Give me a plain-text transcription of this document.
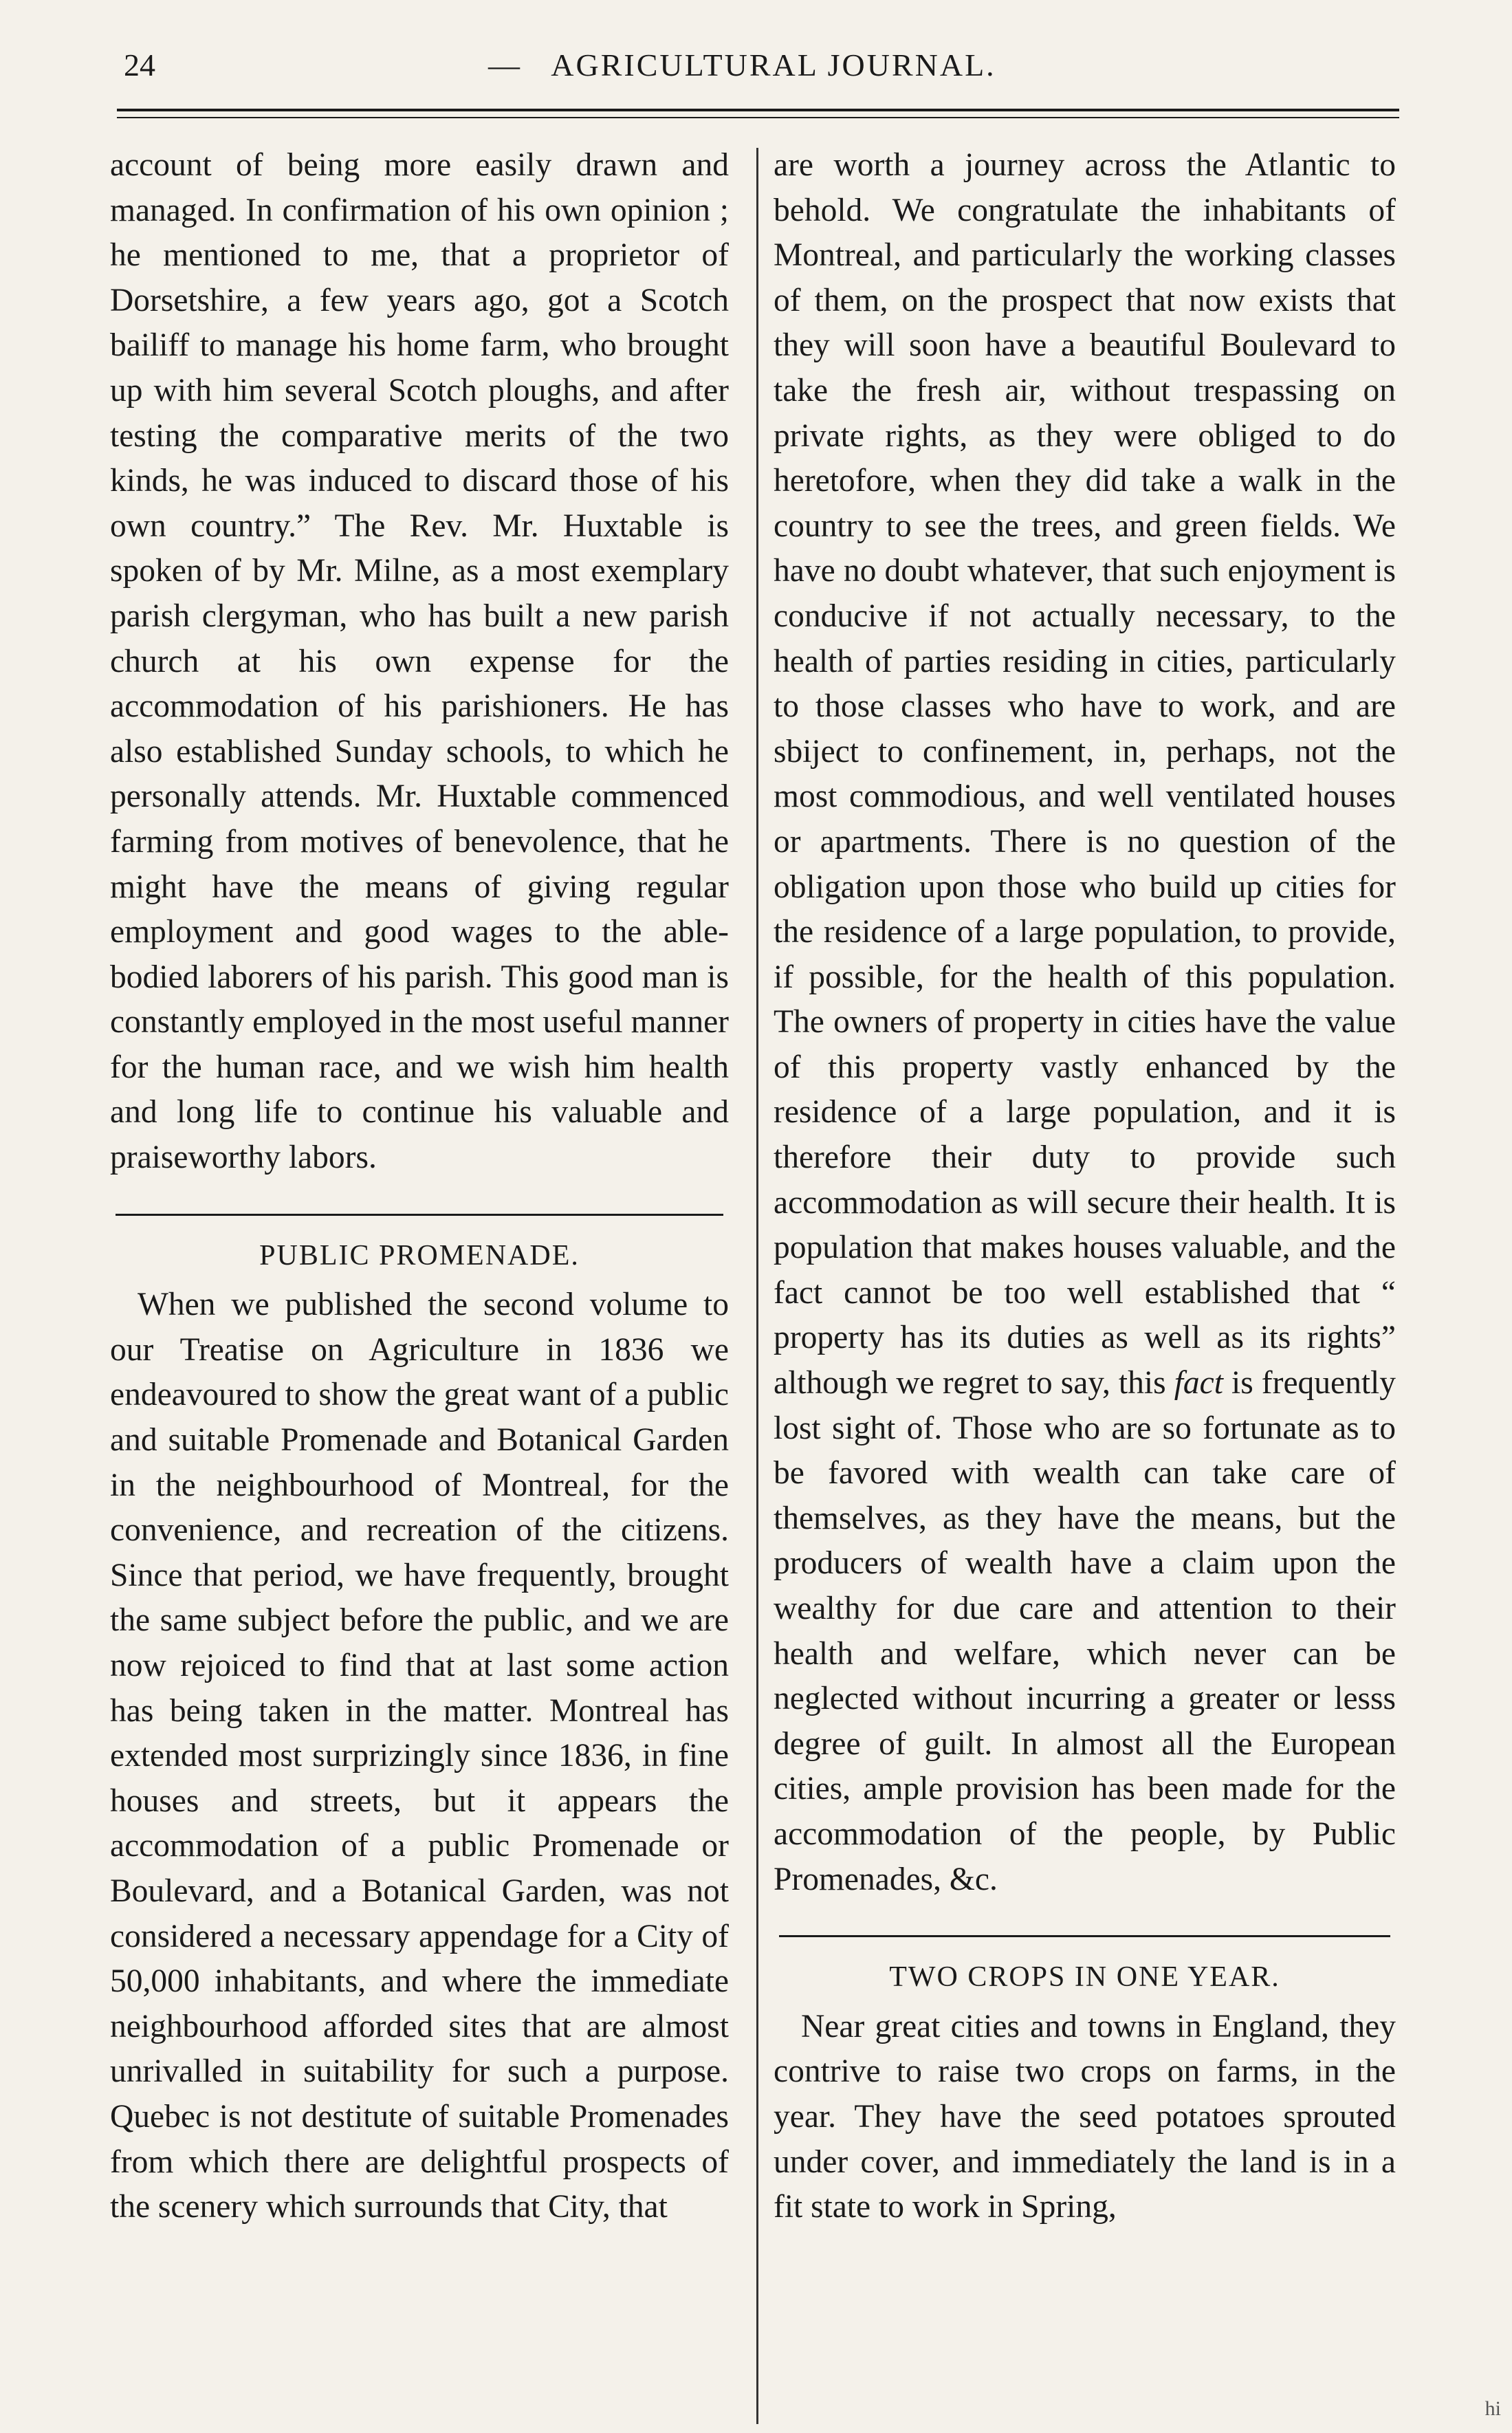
24	— AGRICULTURAL JOURNAL.

account of being more easily drawn and managed. In confirmation of his own opinion ; he mentioned to me, that a proprietor of Dorsetshire, a few years ago, got a Scotch bailiff to manage his home farm, who brought up with him several Scotch ploughs, and after testing the comparative merits of the two kinds, he was induced to discard those of his own country.” The Rev. Mr. Huxtable is spoken of by Mr. Milne, as a most exemplary parish clergyman, who has built a new parish church at his own expense for the accommodation of his parishioners. He has also established Sunday schools, to which he personally attends. Mr. Huxtable commenced farming from motives of benevolence, that he might have the means of giving regular employment and good wages to the able-bodied laborers of his parish. This good man is constantly employed in the most useful manner for the human race, and we wish him health and long life to continue his valuable and praiseworthy labors.

PUBLIC PROMENADE.

When we published the second volume to our Treatise on Agriculture in 1836 we endeavoured to show the great want of a public and suitable Promenade and Botanical Garden in the neighbourhood of Montreal, for the convenience, and recreation of the citizens. Since that period, we have frequently, brought the same subject before the public, and we are now rejoiced to find that at last some action has being taken in the matter. Montreal has extended most surprizingly since 1836, in fine houses and streets, but it appears the accommodation of a public Promenade or Boulevard, and a Botanical Garden, was not considered a necessary appendage for a City of 50,000 inhabitants, and where the immediate neighbourhood afforded sites that are almost unrivalled in suitability for such a purpose. Quebec is not destitute of suitable Promenades from which there are delightful prospects of the scenery which surrounds that City, that

are worth a journey across the Atlantic to behold. We congratulate the inhabitants of Montreal, and particularly the working classes of them, on the prospect that now exists that they will soon have a beautiful Boulevard to take the fresh air, without trespassing on private rights, as they were obliged to do heretofore, when they did take a walk in the country to see the trees, and green fields. We have no doubt whatever, that such enjoyment is conducive if not actually necessary, to the health of parties residing in cities, particularly to those classes who have to work, and are sbiject to confinement, in, perhaps, not the most commodious, and well ventilated houses or apartments. There is no question of the obligation upon those who build up cities for the residence of a large population, to provide, if possible, for the health of this population. The owners of property in cities have the value of this property vastly enhanced by the residence of a large population, and it is therefore their duty to provide such accommodation as will secure their health. It is population that makes houses valuable, and the fact cannot be too well established that “ property has its duties as well as its rights” although we regret to say, this fact is frequently lost sight of. Those who are so fortunate as to be favored with wealth can take care of themselves, as they have the means, but the producers of wealth have a claim upon the wealthy for due care and attention to their health and welfare, which never can be neglected without incurring a greater or lesss degree of guilt. In almost all the European cities, ample provision has been made for the accommodation of the people, by Public Promenades, &c.

TWO CROPS IN ONE YEAR.

Near great cities and towns in England, they contrive to raise two crops on farms, in the year. They have the seed potatoes sprouted under cover, and immediately the land is in a fit state to work in Spring,

hi
